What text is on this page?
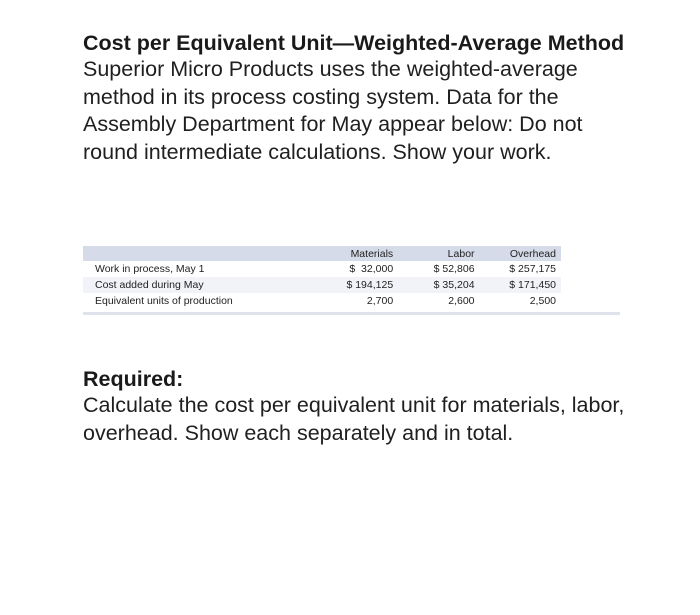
Cost per Equivalent Unit—Weighted-Average Method

Superior Micro Products uses the weighted-average method in its process costing system. Data for the Assembly Department for May appear below: Do not round intermediate calculations. Show your work.

	Materials	Labor	Overhead
Work in process, May 1	$  32,000	$ 52,806	$ 257,175
Cost added during May	$ 194,125	$ 35,204	$ 171,450
Equivalent units of production	2,700	2,600	2,500

Required:

Calculate the cost per equivalent unit for materials, labor, overhead. Show each separately and in total.
